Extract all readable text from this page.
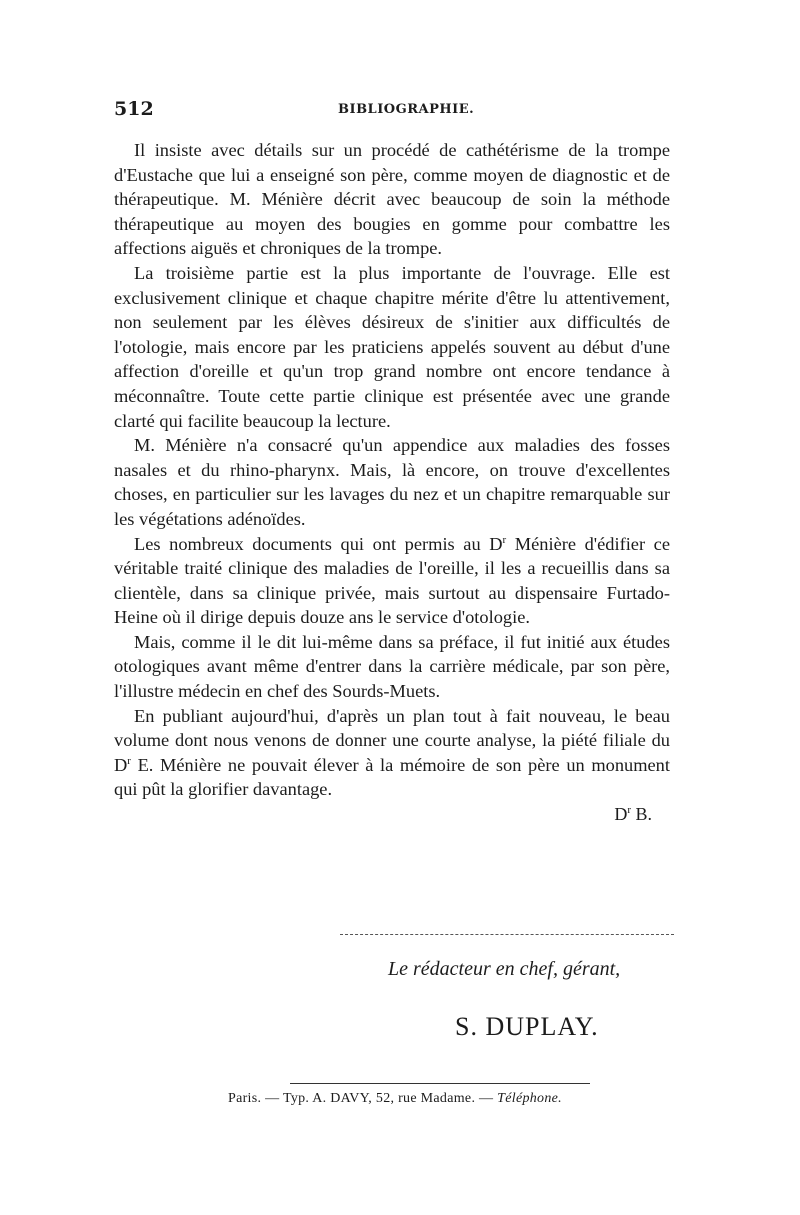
512	BIBLIOGRAPHIE.

Il insiste avec détails sur un procédé de cathétérisme de la trompe d'Eustache que lui a enseigné son père, comme moyen de diagnostic et de thérapeutique. M. Ménière décrit avec beaucoup de soin la méthode thérapeutique au moyen des bougies en gomme pour combattre les affections aiguës et chroniques de la trompe.

La troisième partie est la plus importante de l'ouvrage. Elle est exclusivement clinique et chaque chapitre mérite d'être lu attentivement, non seulement par les élèves désireux de s'initier aux difficultés de l'otologie, mais encore par les praticiens appelés souvent au début d'une affection d'oreille et qu'un trop grand nombre ont encore tendance à méconnaître. Toute cette partie clinique est présentée avec une grande clarté qui facilite beaucoup la lecture.

M. Ménière n'a consacré qu'un appendice aux maladies des fosses nasales et du rhino-pharynx. Mais, là encore, on trouve d'excellentes choses, en particulier sur les lavages du nez et un chapitre remarquable sur les végétations adénoïdes.

Les nombreux documents qui ont permis au $D^r$ Ménière d'édifier ce véritable traité clinique des maladies de l'oreille, il les a recueillis dans sa clientèle, dans sa clinique privée, mais surtout au dispensaire Furtado-Heine où il dirige depuis douze ans le service d'otologie.

Mais, comme il le dit lui-même dans sa préface, il fut initié aux études otologiques avant même d'entrer dans la carrière médicale, par son père, l'illustre médecin en chef des Sourds-Muets.

En publiant aujourd'hui, d'après un plan tout à fait nouveau, le beau volume dont nous venons de donner une courte analyse, la piété filiale du $D^r$ E. Ménière ne pouvait élever à la mémoire de son père un monument qui pût la glorifier davantage.

$D^r$ B.

Le rédacteur en chef, gérant,
S. DUPLAY.
Paris. — Typ. A. DAVY, 52, rue Madame. — Téléphone.
